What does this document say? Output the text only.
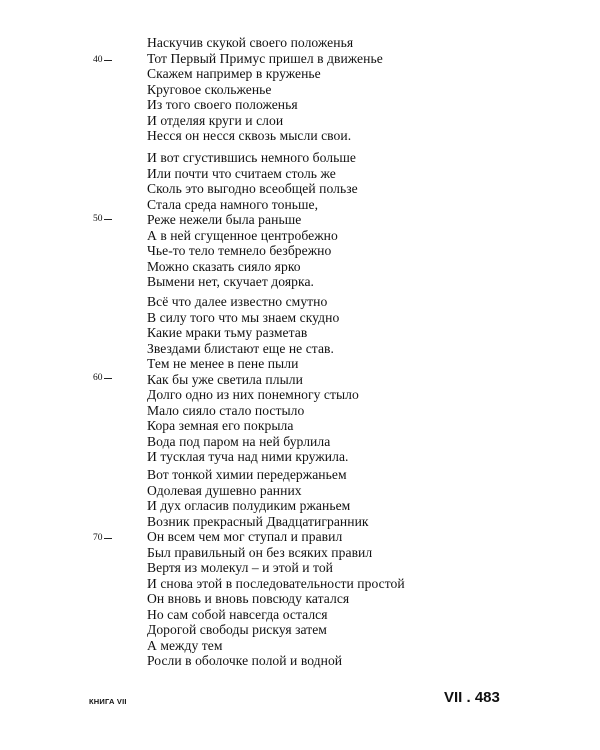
Наскучив скукой своего положенья
Тот Первый Примус пришел в движенье
Скажем например в круженье
Круговое скольженье
Из того своего положенья
И отделяя круги и слои
Несся он несся сквозь мысли свои.
И вот сгустившись немного больше
Или почти что считаем столь же
Сколь это выгодно всеобщей пользе
Стала среда намного тоньше,
Реже нежели была раньше
А в ней сгущенное центробежно
Чье-то тело темнело безбрежно
Можно сказать сияло ярко
Вымени нет, скучает доярка.
Всё что далее известно смутно
В силу того что мы знаем скудно
Какие мраки тьму разметав
Звездами блистают еще не став.
Тем не менее в пене пыли
Как бы уже светила плыли
Долго одно из них понемногу стыло
Мало сияло стало постыло
Кора земная его покрыла
Вода под паром на ней бурлила
И тусклая туча над ними кружила.
Вот тонкой химии передержаньем
Одолевая душевно ранних
И дух огласив полудиким ржаньем
Возник прекрасный Двадцатигранник
Он всем чем мог ступал и правил
Был правильный он без всяких правил
Вертя из молекул – и этой и той
И снова этой в последовательности простой
Он вновь и вновь повсюду катался
Но сам собой навсегда остался
Дорогой свободы рискуя затем
А между тем
Росли в оболочке полой и водной
40
50
60
70
КНИГА VII	VII . 483
